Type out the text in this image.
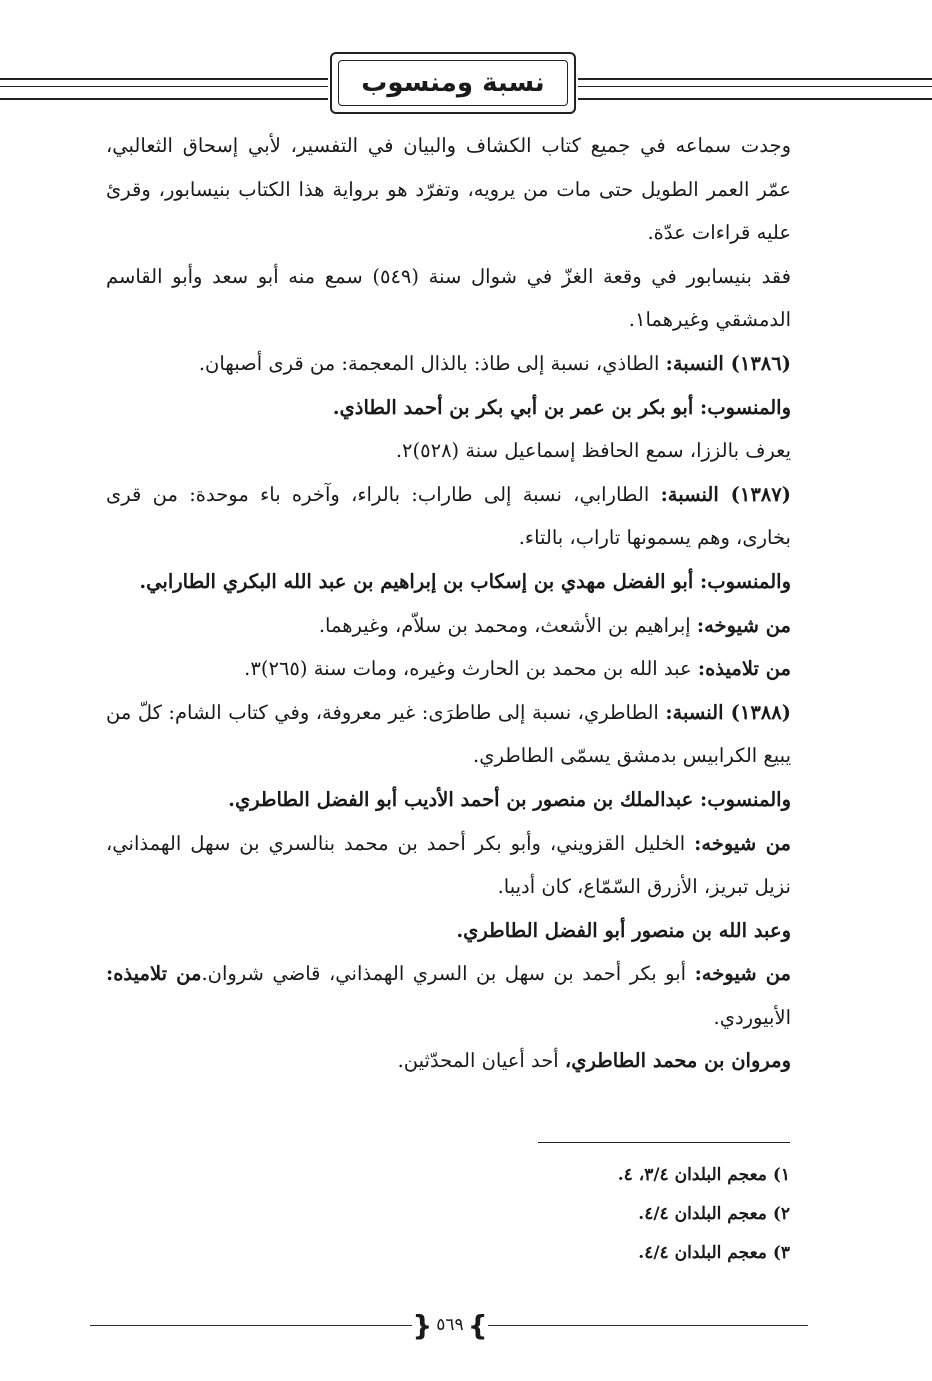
نسبة ومنسوب

وجدت سماعه في جميع كتاب الكشاف والبيان في التفسير، لأبي إسحاق الثعالبي، عمّر العمر الطويل حتى مات من يرويه، وتفرّد هو برواية هذا الكتاب بنيسابور، وقرئ عليه قراءات عدّة.

فقد بنيسابور في وقعة الغزّ في شوال سنة (٥٤٩) سمع منه أبو سعد وأبو القاسم الدمشقي وغيرهما١.

(١٣٨٦) النسبة: الطاذي، نسبة إلى طاذ: بالذال المعجمة: من قرى أصبهان.

والمنسوب: أبو بكر بن عمر بن أبي بكر بن أحمد الطاذي.

يعرف بالززا، سمع الحافظ إسماعيل سنة (٥٢٨)٢.

(١٣٨٧) النسبة: الطارابي، نسبة إلى طاراب: بالراء، وآخره باء موحدة: من قرى بخارى، وهم يسمونها تاراب، بالتاء.

والمنسوب: أبو الفضل مهدي بن إسكاب بن إبراهيم بن عبد الله البكري الطارابي.

من شيوخه: إبراهيم بن الأشعث، ومحمد بن سلاّم، وغيرهما.

من تلاميذه: عبد الله بن محمد بن الحارث وغيره، ومات سنة (٢٦٥)٣.

(١٣٨٨) النسبة: الطاطري، نسبة إلى طاطرَى: غير معروفة، وفي كتاب الشام: كلّ من يبيع الكرابيس بدمشق يسمّى الطاطري.

والمنسوب: عبدالملك بن منصور بن أحمد الأديب أبو الفضل الطاطري.

من شيوخه: الخليل القزويني، وأبو بكر أحمد بن محمد بنالسري بن سهل الهمذاني، نزيل تبريز، الأزرق السّمّاع، كان أديبا.

وعبد الله بن منصور أبو الفضل الطاطري.

من شيوخه: أبو بكر أحمد بن سهل بن السري الهمذاني، قاضي شروان.من تلاميذه: الأبيوردي.

ومروان بن محمد الطاطري، أحد أعيان المحدّثين.

١) معجم البلدان ٣/٤، ٤.
٢) معجم البلدان ٤/٤.
٣) معجم البلدان ٤/٤.
}
٥٦٩
{
